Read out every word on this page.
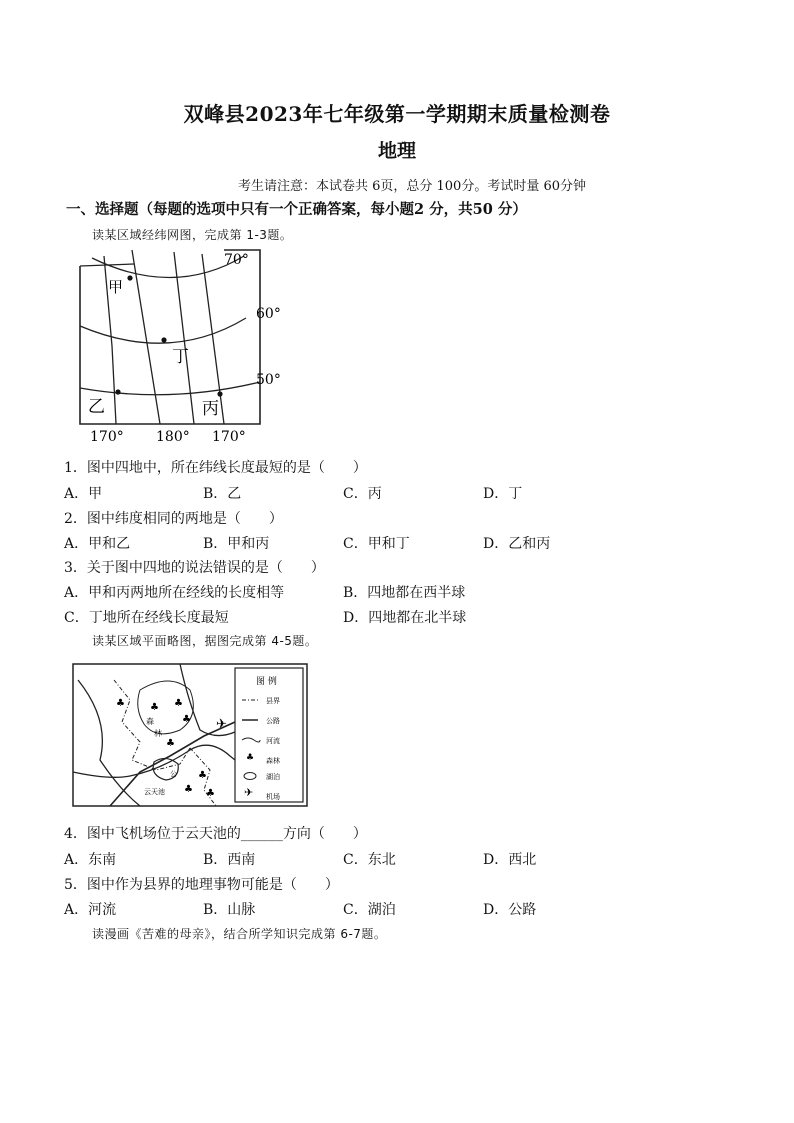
双峰县2023年七年级第一学期期末质量检测卷
地理
考生请注意：本试卷共 6页，总分 100分。考试时量 60分钟
一、选择题（每题的选项中只有一个正确答案，每小题2 分，共50 分）
读某区域经纬网图，完成第 1-3题。
甲
丁
乙	丙
70°
60°
50°
170° 180° 170°
1．图中四地中，所在纬线长度最短的是（　　）
A．甲	B．乙	C．丙	D．丁
2．图中纬度相同的两地是（　　）
A．甲和乙	B．甲和丙	C．甲和丁	D．乙和丙
3．关于图中四地的说法错误的是（　　）
A．甲和丙两地所在经线的长度相等	B．四地都在西半球
C．丁地所在经线长度最短	D．四地都在北半球
读某区域平面略图，据图完成第 4-5题。
图 例
♣
✈
县界
公路
河流
森林
湖泊
机场
♣	♣ ♣
♣
♣
♣
♣
♣
✈
森
林
公
云天池
4．图中飞机场位于云天池的______方向（　　）
A．东南	B．西南	C．东北	D．西北
5．图中作为县界的地理事物可能是（　　）
A．河流	B．山脉	C．湖泊	D．公路
读漫画《苦难的母亲》，结合所学知识完成第 6-7题。
